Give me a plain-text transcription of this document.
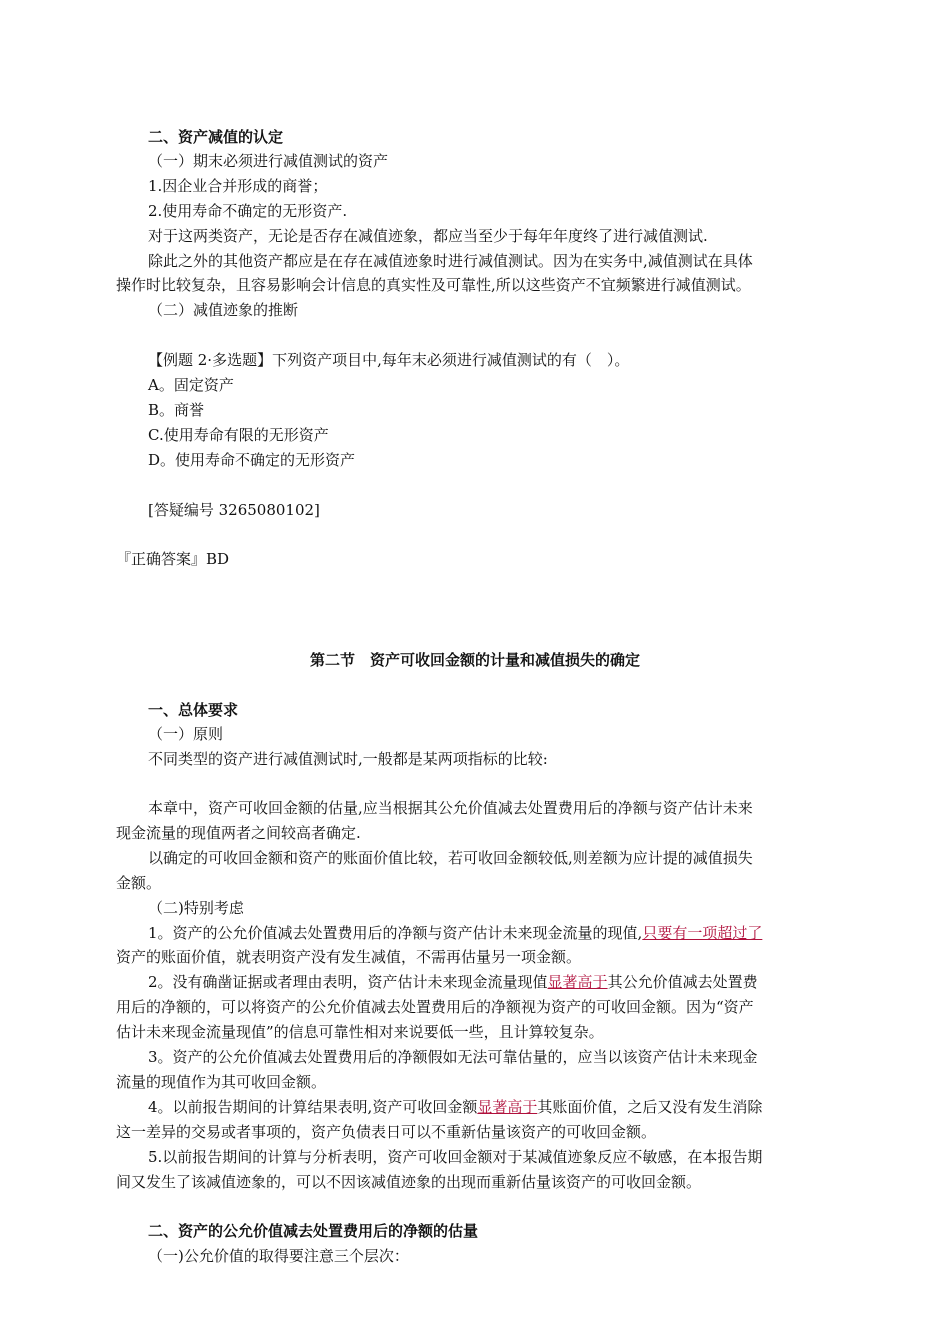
二、资产减值的认定
（一）期末必须进行减值测试的资产
1.因企业合并形成的商誉；
2.使用寿命不确定的无形资产.
对于这两类资产，无论是否存在减值迹象，都应当至少于每年年度终了进行减值测试.
除此之外的其他资产都应是在存在减值迹象时进行减值测试。因为在实务中,减值测试在具体
操作时比较复杂，且容易影响会计信息的真实性及可靠性,所以这些资产不宜频繁进行减值测试。
（二）减值迹象的推断
【例题 2·多选题】下列资产项目中,每年末必须进行减值测试的有（　）。
A。固定资产
B。商誉
C.使用寿命有限的无形资产
D。使用寿命不确定的无形资产
[答疑编号 3265080102]
『正确答案』BD
第二节　资产可收回金额的计量和减值损失的确定
一、总体要求
（一）原则
不同类型的资产进行减值测试时,一般都是某两项指标的比较:
本章中，资产可收回金额的估量,应当根据其公允价值减去处置费用后的净额与资产估计未来
现金流量的现值两者之间较高者确定.
以确定的可收回金额和资产的账面价值比较，若可收回金额较低,则差额为应计提的减值损失
金额。
（二)特别考虑
1。资产的公允价值减去处置费用后的净额与资产估计未来现金流量的现值,只要有一项超过了
资产的账面价值，就表明资产没有发生减值，不需再估量另一项金额。
2。没有确凿证据或者理由表明，资产估计未来现金流量现值显著高于其公允价值减去处置费
用后的净额的，可以将资产的公允价值减去处置费用后的净额视为资产的可收回金额。因为“资产
估计未来现金流量现值”的信息可靠性相对来说要低一些，且计算较复杂。
3。资产的公允价值减去处置费用后的净额假如无法可靠估量的，应当以该资产估计未来现金
流量的现值作为其可收回金额。
4。以前报告期间的计算结果表明,资产可收回金额显著高于其账面价值，之后又没有发生消除
这一差异的交易或者事项的，资产负债表日可以不重新估量该资产的可收回金额。
5.以前报告期间的计算与分析表明，资产可收回金额对于某减值迹象反应不敏感，在本报告期
间又发生了该减值迹象的，可以不因该减值迹象的出现而重新估量该资产的可收回金额。
二、资产的公允价值减去处置费用后的净额的估量
（一)公允价值的取得要注意三个层次：
